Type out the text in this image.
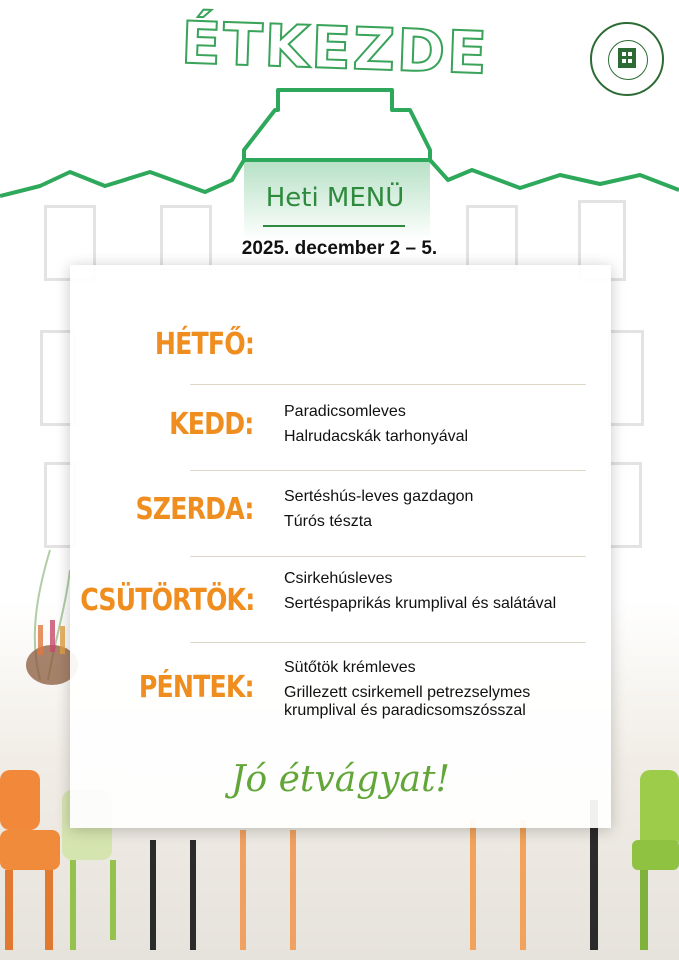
ÉTKEZDE
Heti MENÜ
2025. december 2 – 5.
HÉTFŐ:
KEDD: Paradicsomleves
Halrudacskák tarhonyával
SZERDA: Sertéshús-leves gazdagon
Túrós tészta
CSÜTÖRTÖK:
Csirkehúsleves
Sertéspaprikás krumplival és salátával
PÉNTEK:
Sütőtök krémleves
Grillezett csirkemell petrezselymes krumplival és paradicsomszósszal
Jó étvágyat!
